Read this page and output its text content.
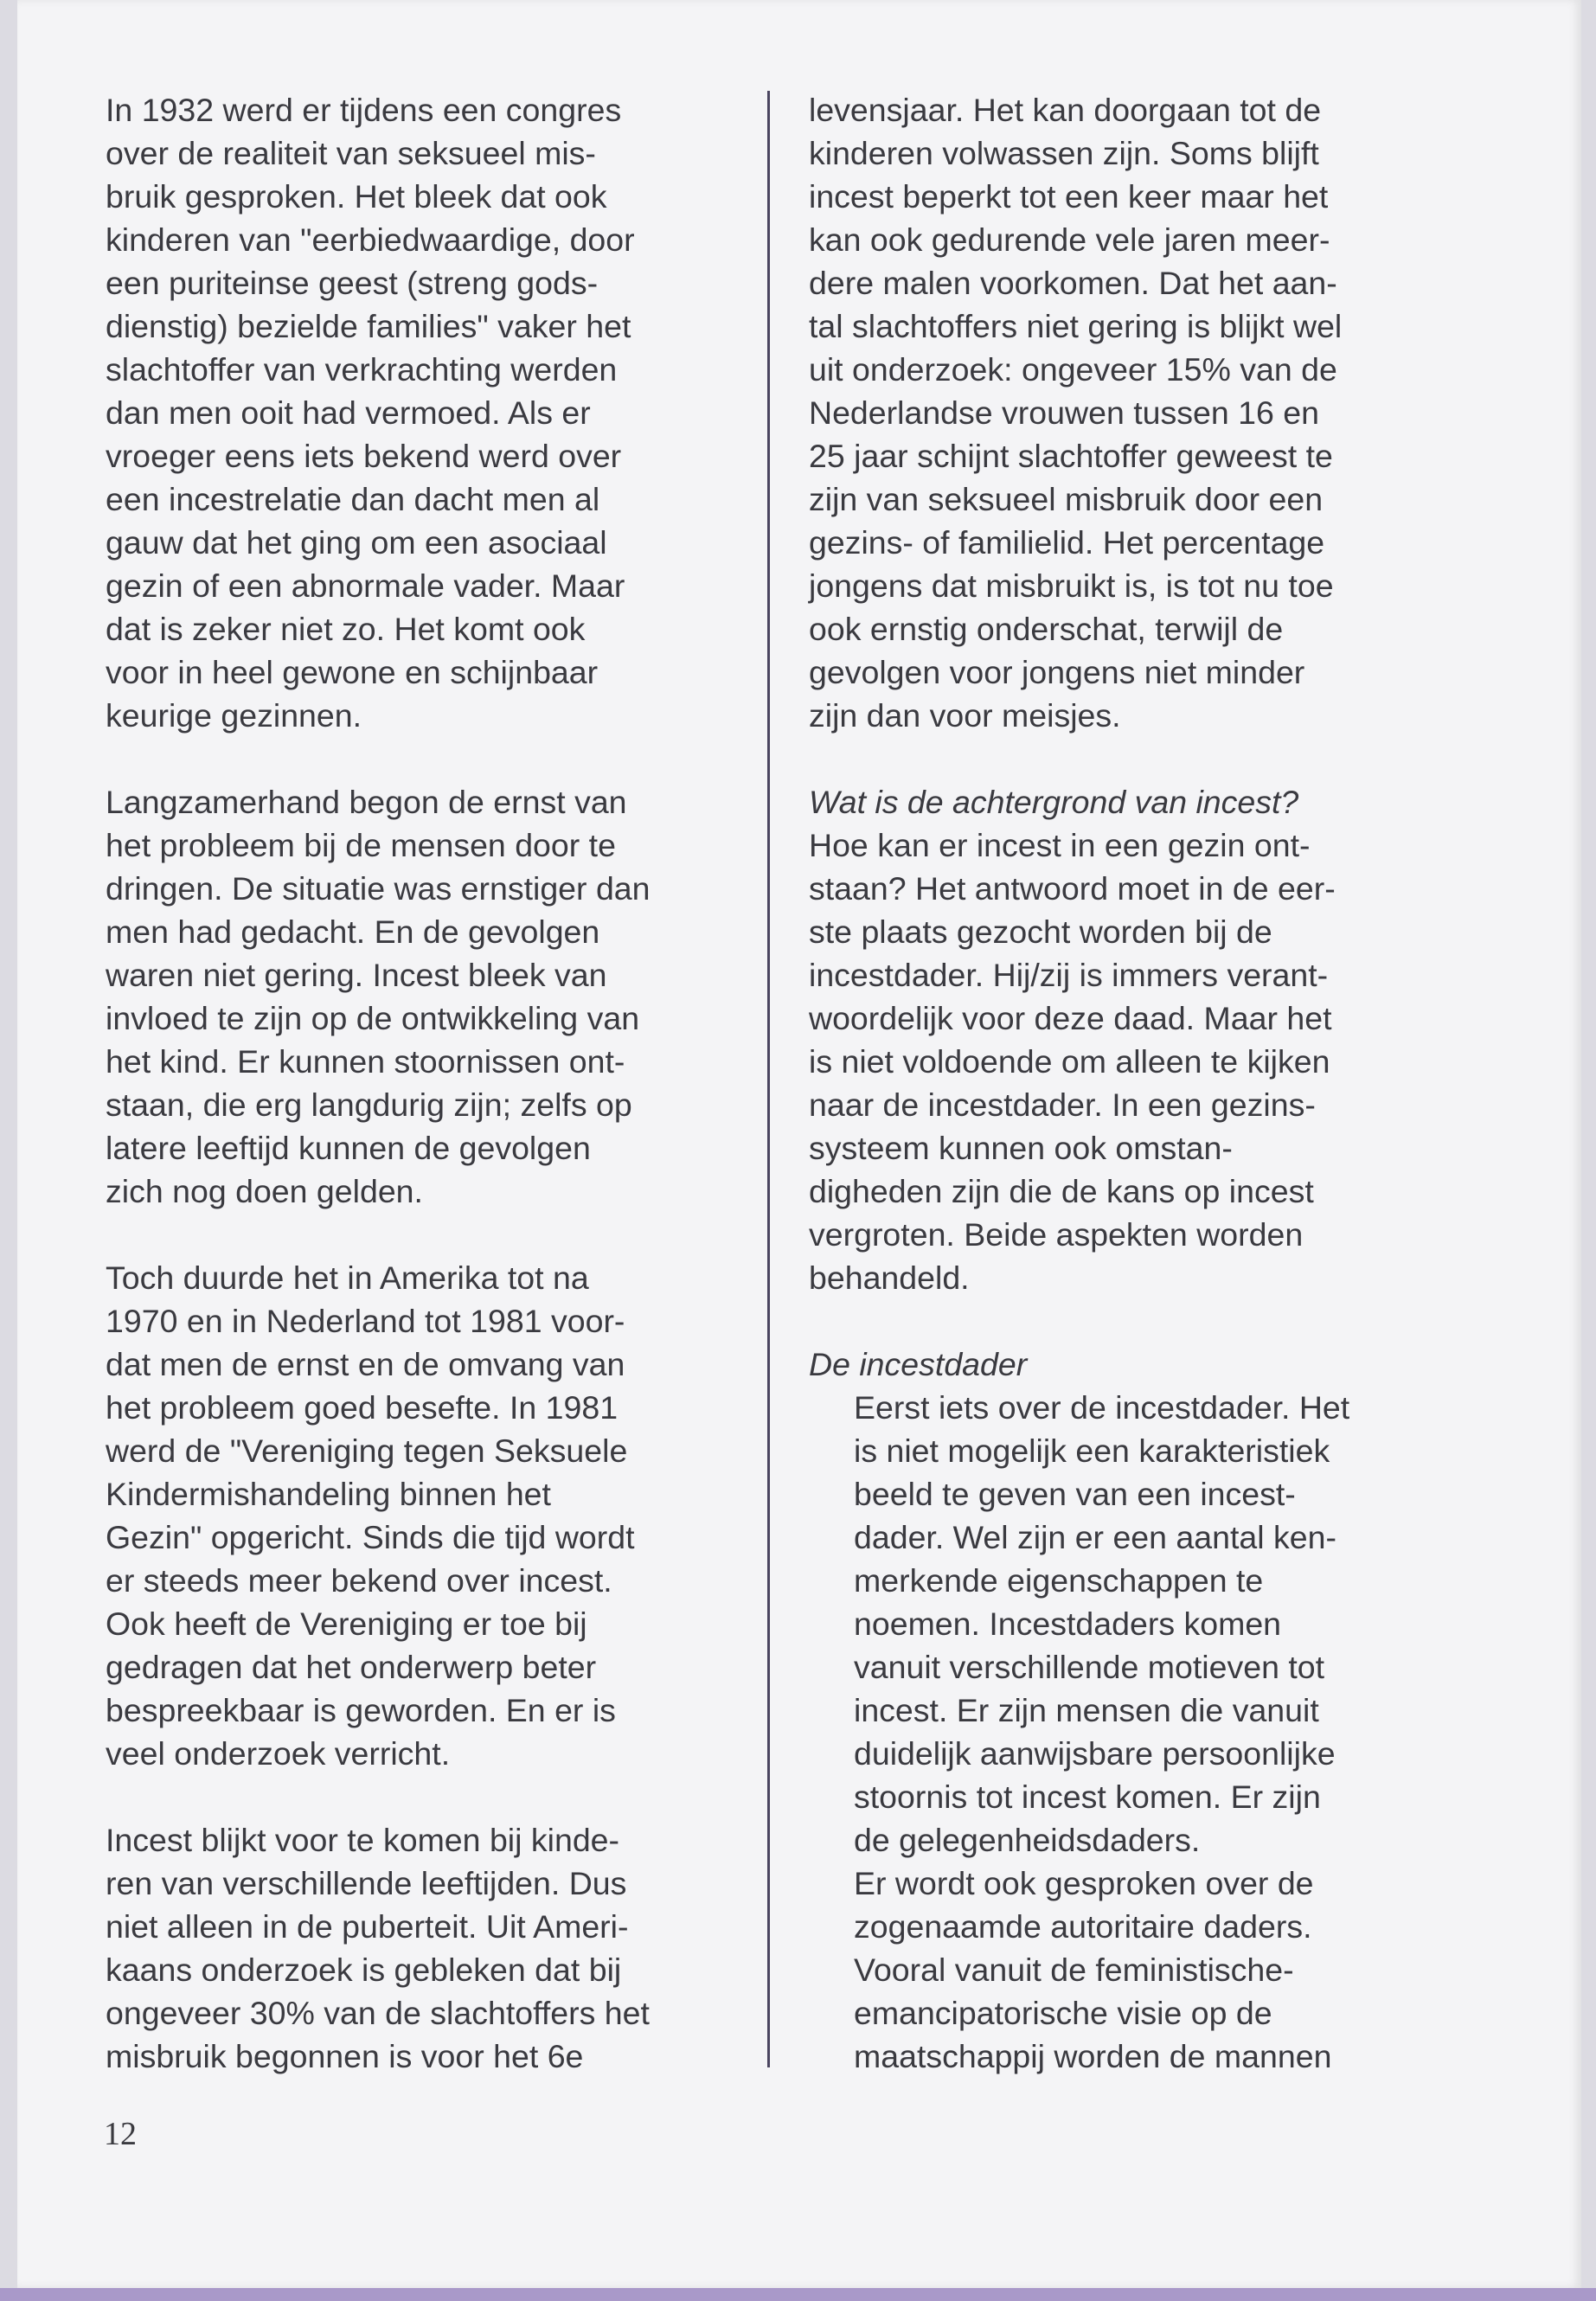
In 1932 werd er tijdens een congres
over de realiteit van seksueel mis-
bruik gesproken. Het bleek dat ook
kinderen van "eerbiedwaardige, door
een puriteinse geest (streng gods-
dienstig) bezielde families" vaker het
slachtoffer van verkrachting werden
dan men ooit had vermoed. Als er
vroeger eens iets bekend werd over
een incestrelatie dan dacht men al
gauw dat het ging om een asociaal
gezin of een abnormale vader. Maar
dat is zeker niet zo. Het komt ook
voor in heel gewone en schijnbaar
keurige gezinnen.

Langzamerhand begon de ernst van
het probleem bij de mensen door te
dringen. De situatie was ernstiger dan
men had gedacht. En de gevolgen
waren niet gering. Incest bleek van
invloed te zijn op de ontwikkeling van
het kind. Er kunnen stoornissen ont-
staan, die erg langdurig zijn; zelfs op
latere leeftijd kunnen de gevolgen
zich nog doen gelden.

Toch duurde het in Amerika tot na
1970 en in Nederland tot 1981 voor-
dat men de ernst en de omvang van
het probleem goed besefte. In 1981
werd de "Vereniging tegen Seksuele
Kindermishandeling binnen het
Gezin" opgericht. Sinds die tijd wordt
er steeds meer bekend over incest.
Ook heeft de Vereniging er toe bij
gedragen dat het onderwerp beter
bespreekbaar is geworden. En er is
veel onderzoek verricht.

Incest blijkt voor te komen bij kinde-
ren van verschillende leeftijden. Dus
niet alleen in de puberteit. Uit Ameri-
kaans onderzoek is gebleken dat bij
ongeveer 30% van de slachtoffers het
misbruik begonnen is voor het 6e

levensjaar. Het kan doorgaan tot de
kinderen volwassen zijn. Soms blijft
incest beperkt tot een keer maar het
kan ook gedurende vele jaren meer-
dere malen voorkomen. Dat het aan-
tal slachtoffers niet gering is blijkt wel
uit onderzoek: ongeveer 15% van de
Nederlandse vrouwen tussen 16 en
25 jaar schijnt slachtoffer geweest te
zijn van seksueel misbruik door een
gezins- of familielid. Het percentage
jongens dat misbruikt is, is tot nu toe
ook ernstig onderschat, terwijl de
gevolgen voor jongens niet minder
zijn dan voor meisjes.

Wat is de achtergrond van incest?

Hoe kan er incest in een gezin ont-
staan? Het antwoord moet in de eer-
ste plaats gezocht worden bij de
incestdader. Hij/zij is immers verant-
woordelijk voor deze daad. Maar het
is niet voldoende om alleen te kijken
naar de incestdader. In een gezins-
systeem kunnen ook omstan-
digheden zijn die de kans op incest
vergroten. Beide aspekten worden
behandeld.

De incestdader

Eerst iets over de incestdader. Het
is niet mogelijk een karakteristiek
beeld te geven van een incest-
dader. Wel zijn er een aantal ken-
merkende eigenschappen te
noemen. Incestdaders komen
vanuit verschillende motieven tot
incest. Er zijn mensen die vanuit
duidelijk aanwijsbare persoonlijke
stoornis tot incest komen. Er zijn
de gelegenheidsdaders.
Er wordt ook gesproken over de
zogenaamde autoritaire daders.
Vooral vanuit de feministische-
emancipatorische visie op de
maatschappij worden de mannen

12
